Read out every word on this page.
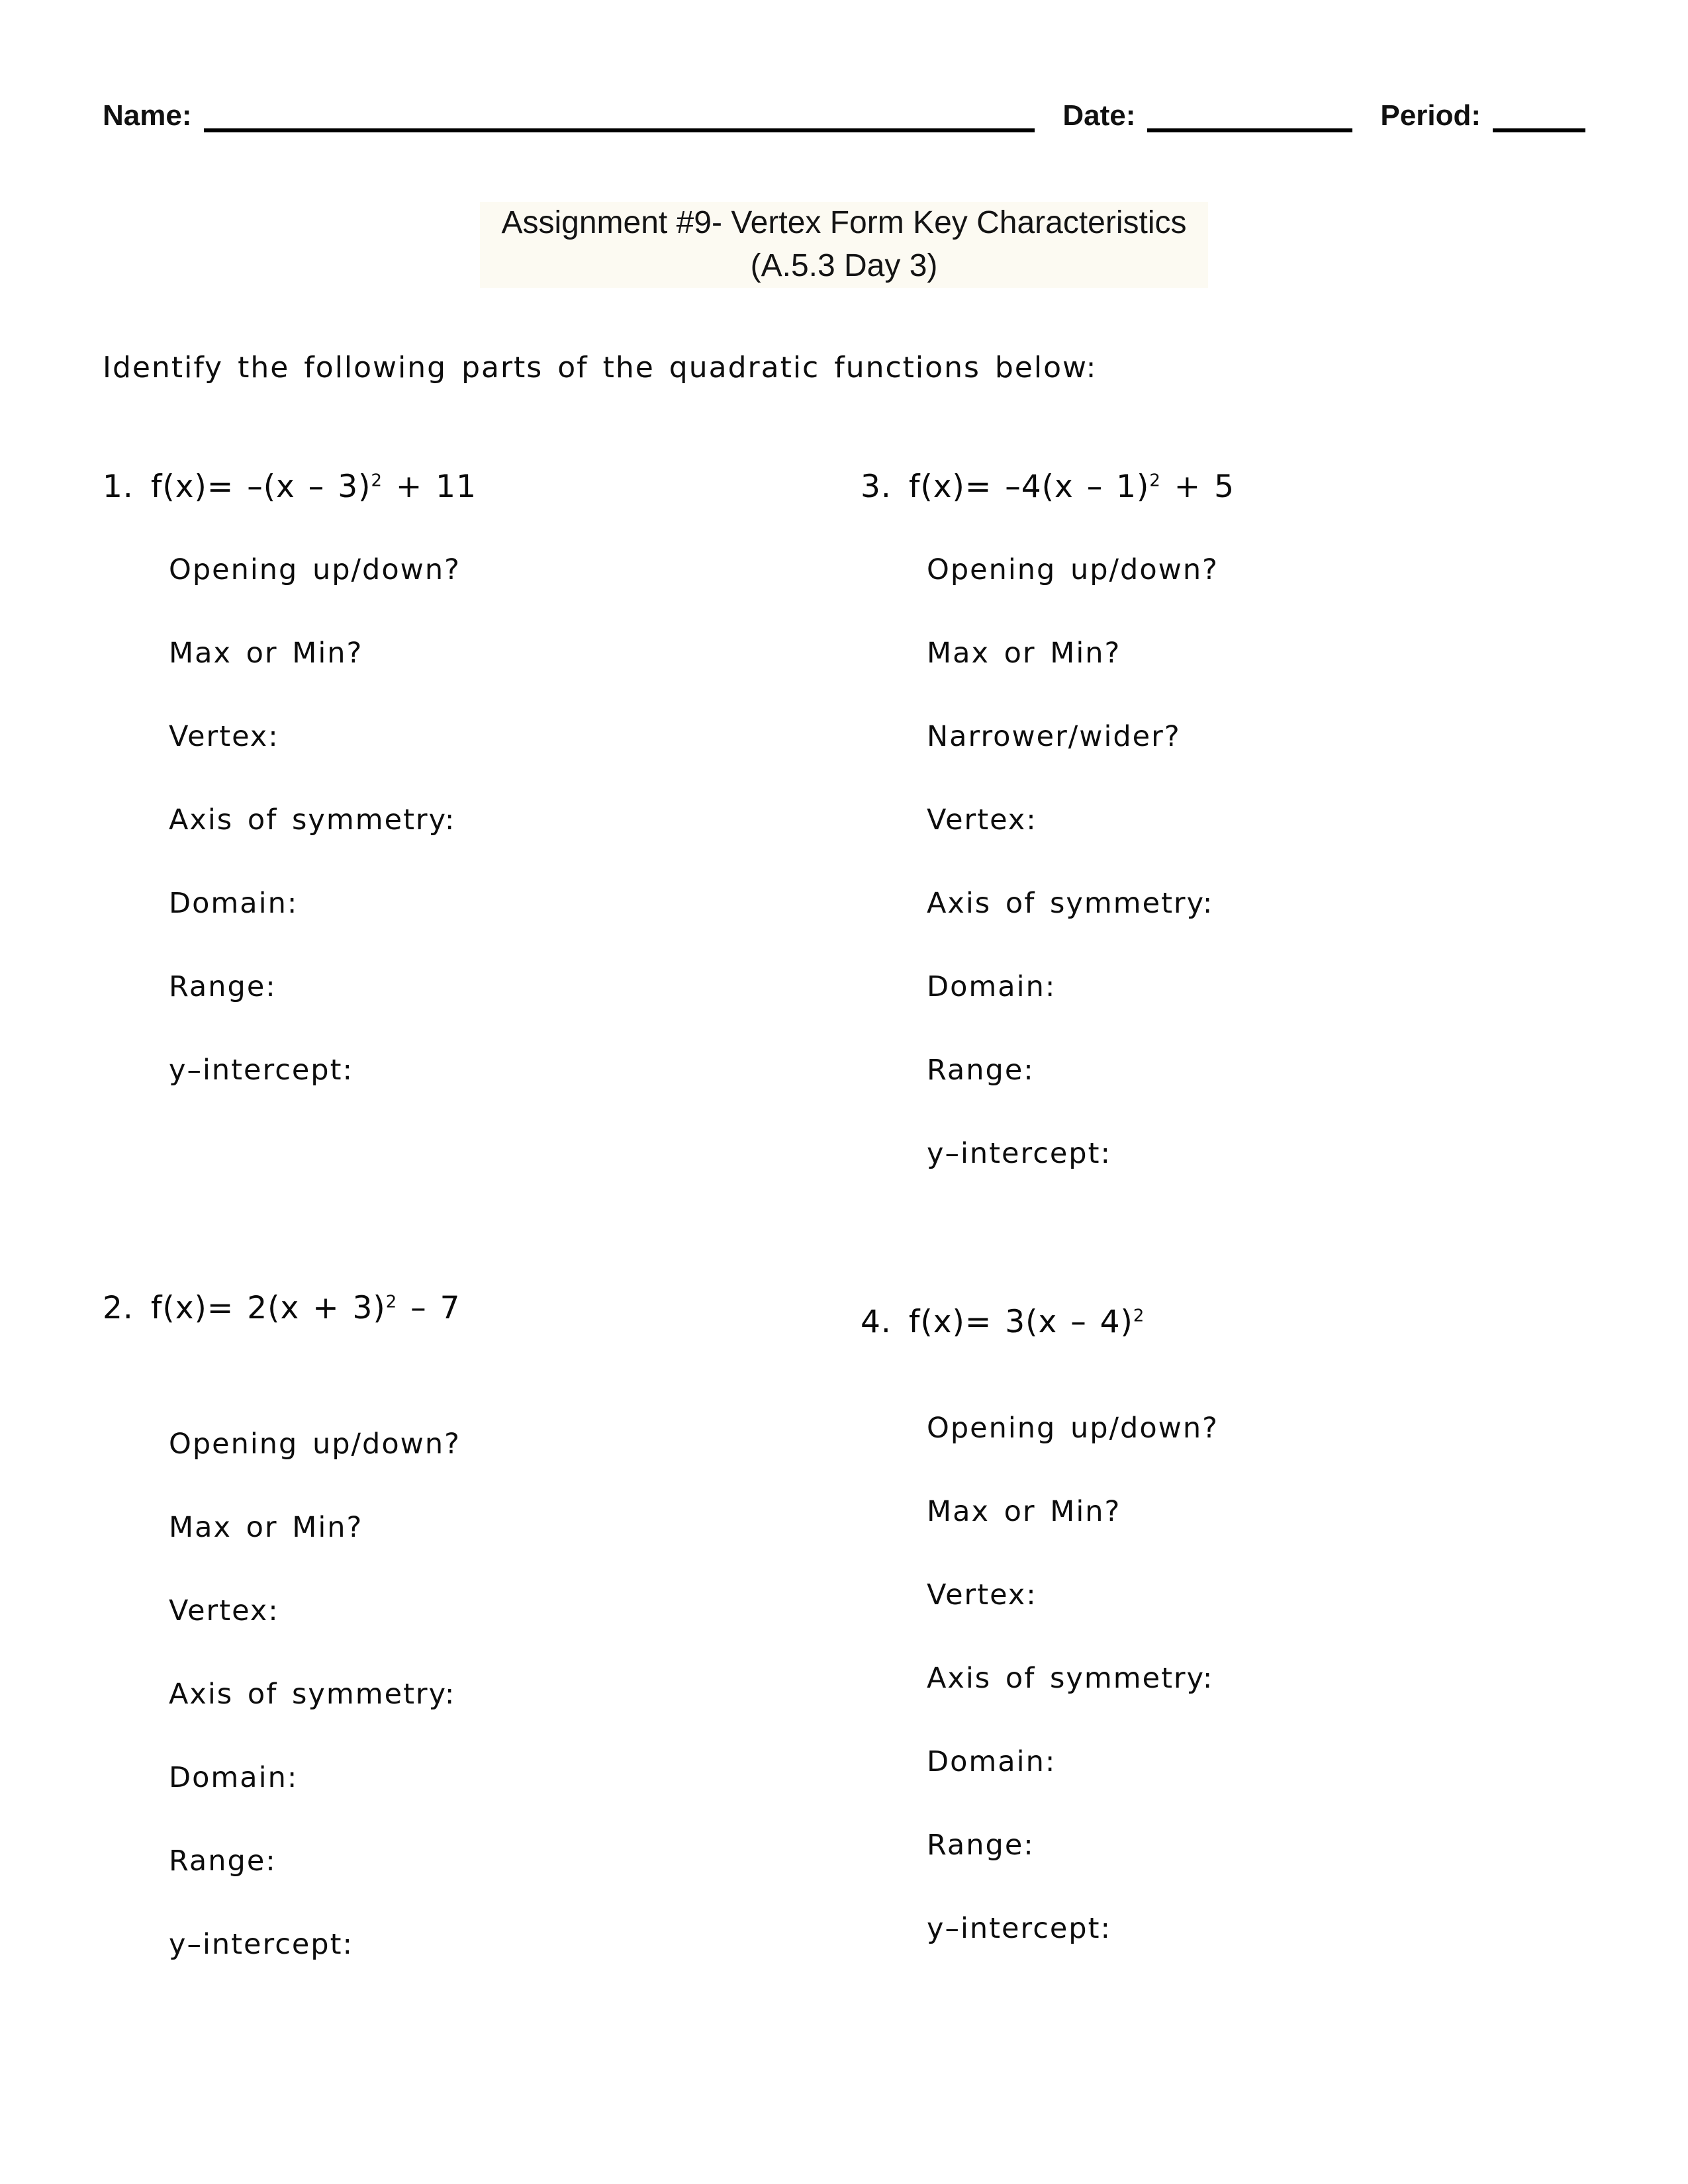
Name:	Date:	Period:
Assignment #9- Vertex Form Key Characteristics
(A.5.3 Day 3)
Identify the following parts of the quadratic functions below:
1. f(x)= –(x – 3)$^2$ + 11
Opening up/down?
Max or Min?
Vertex:
Axis of symmetry:
Domain:
Range:
y–intercept:
2. $f(x)= 2(x + 3)^2 - 7$
Opening up/down?
Max or Min?
Vertex:
Axis of symmetry:
Domain:
Range:
y–intercept:
3. f(x)= –4(x – 1)$^2$ + 5
Opening up/down?
Max or Min?
Narrower/wider?
Vertex:
Axis of symmetry:
Domain:
Range:
y–intercept:
4. f(x)= 3(x – 4)$^2$
Opening up/down?
Max or Min?
Vertex:
Axis of symmetry:
Domain:
Range:
y–intercept:
